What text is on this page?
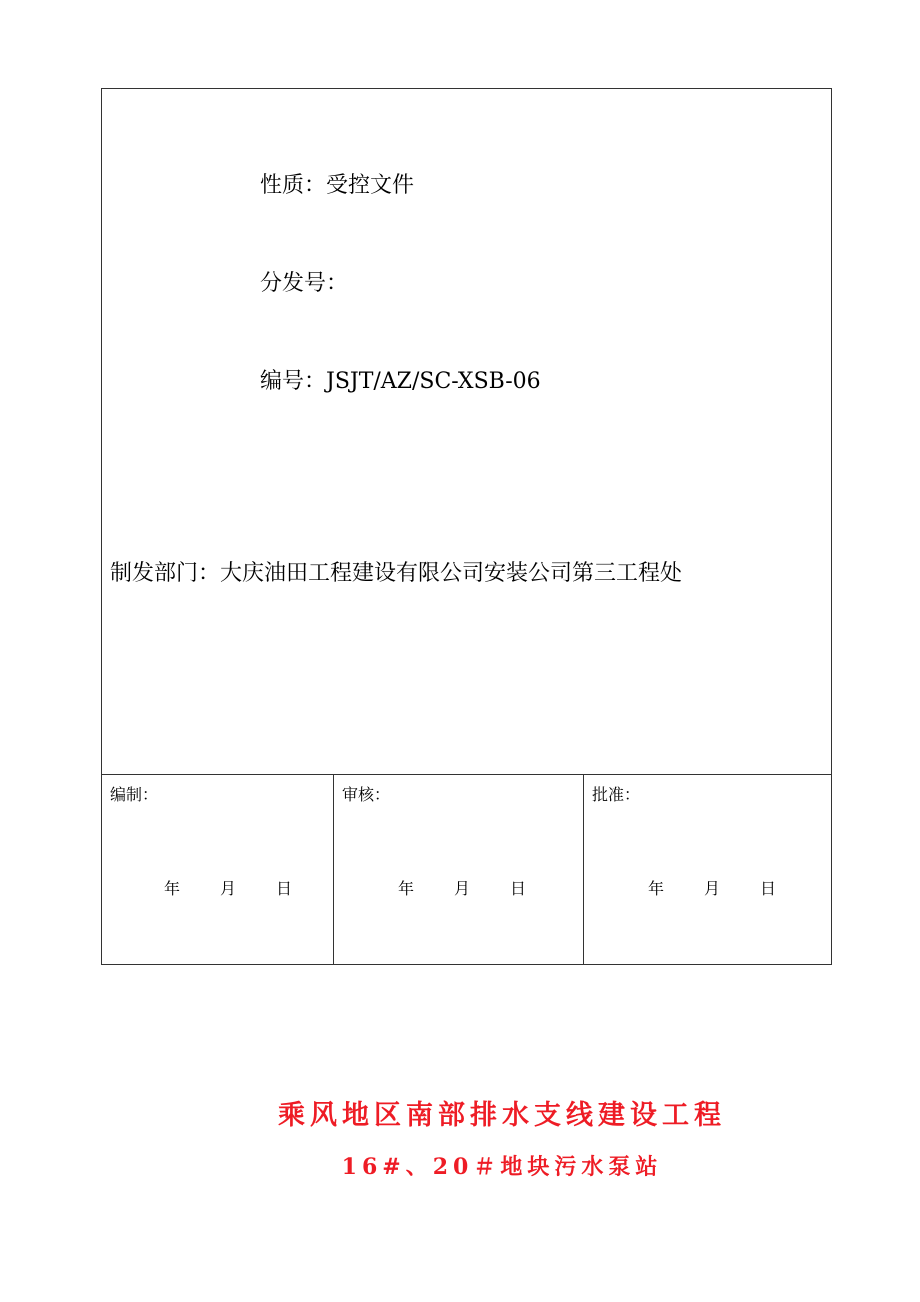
性质：受控文件
分发号：
编号：JSJT/AZ/SC-XSB-06
制发部门：大庆油田工程建设有限公司安装公司第三工程处
编制：
年 月 日
审核：
年 月 日
批准：
年 月 日
乘风地区南部排水支线建设工程
16#、20＃地块污水泵站
